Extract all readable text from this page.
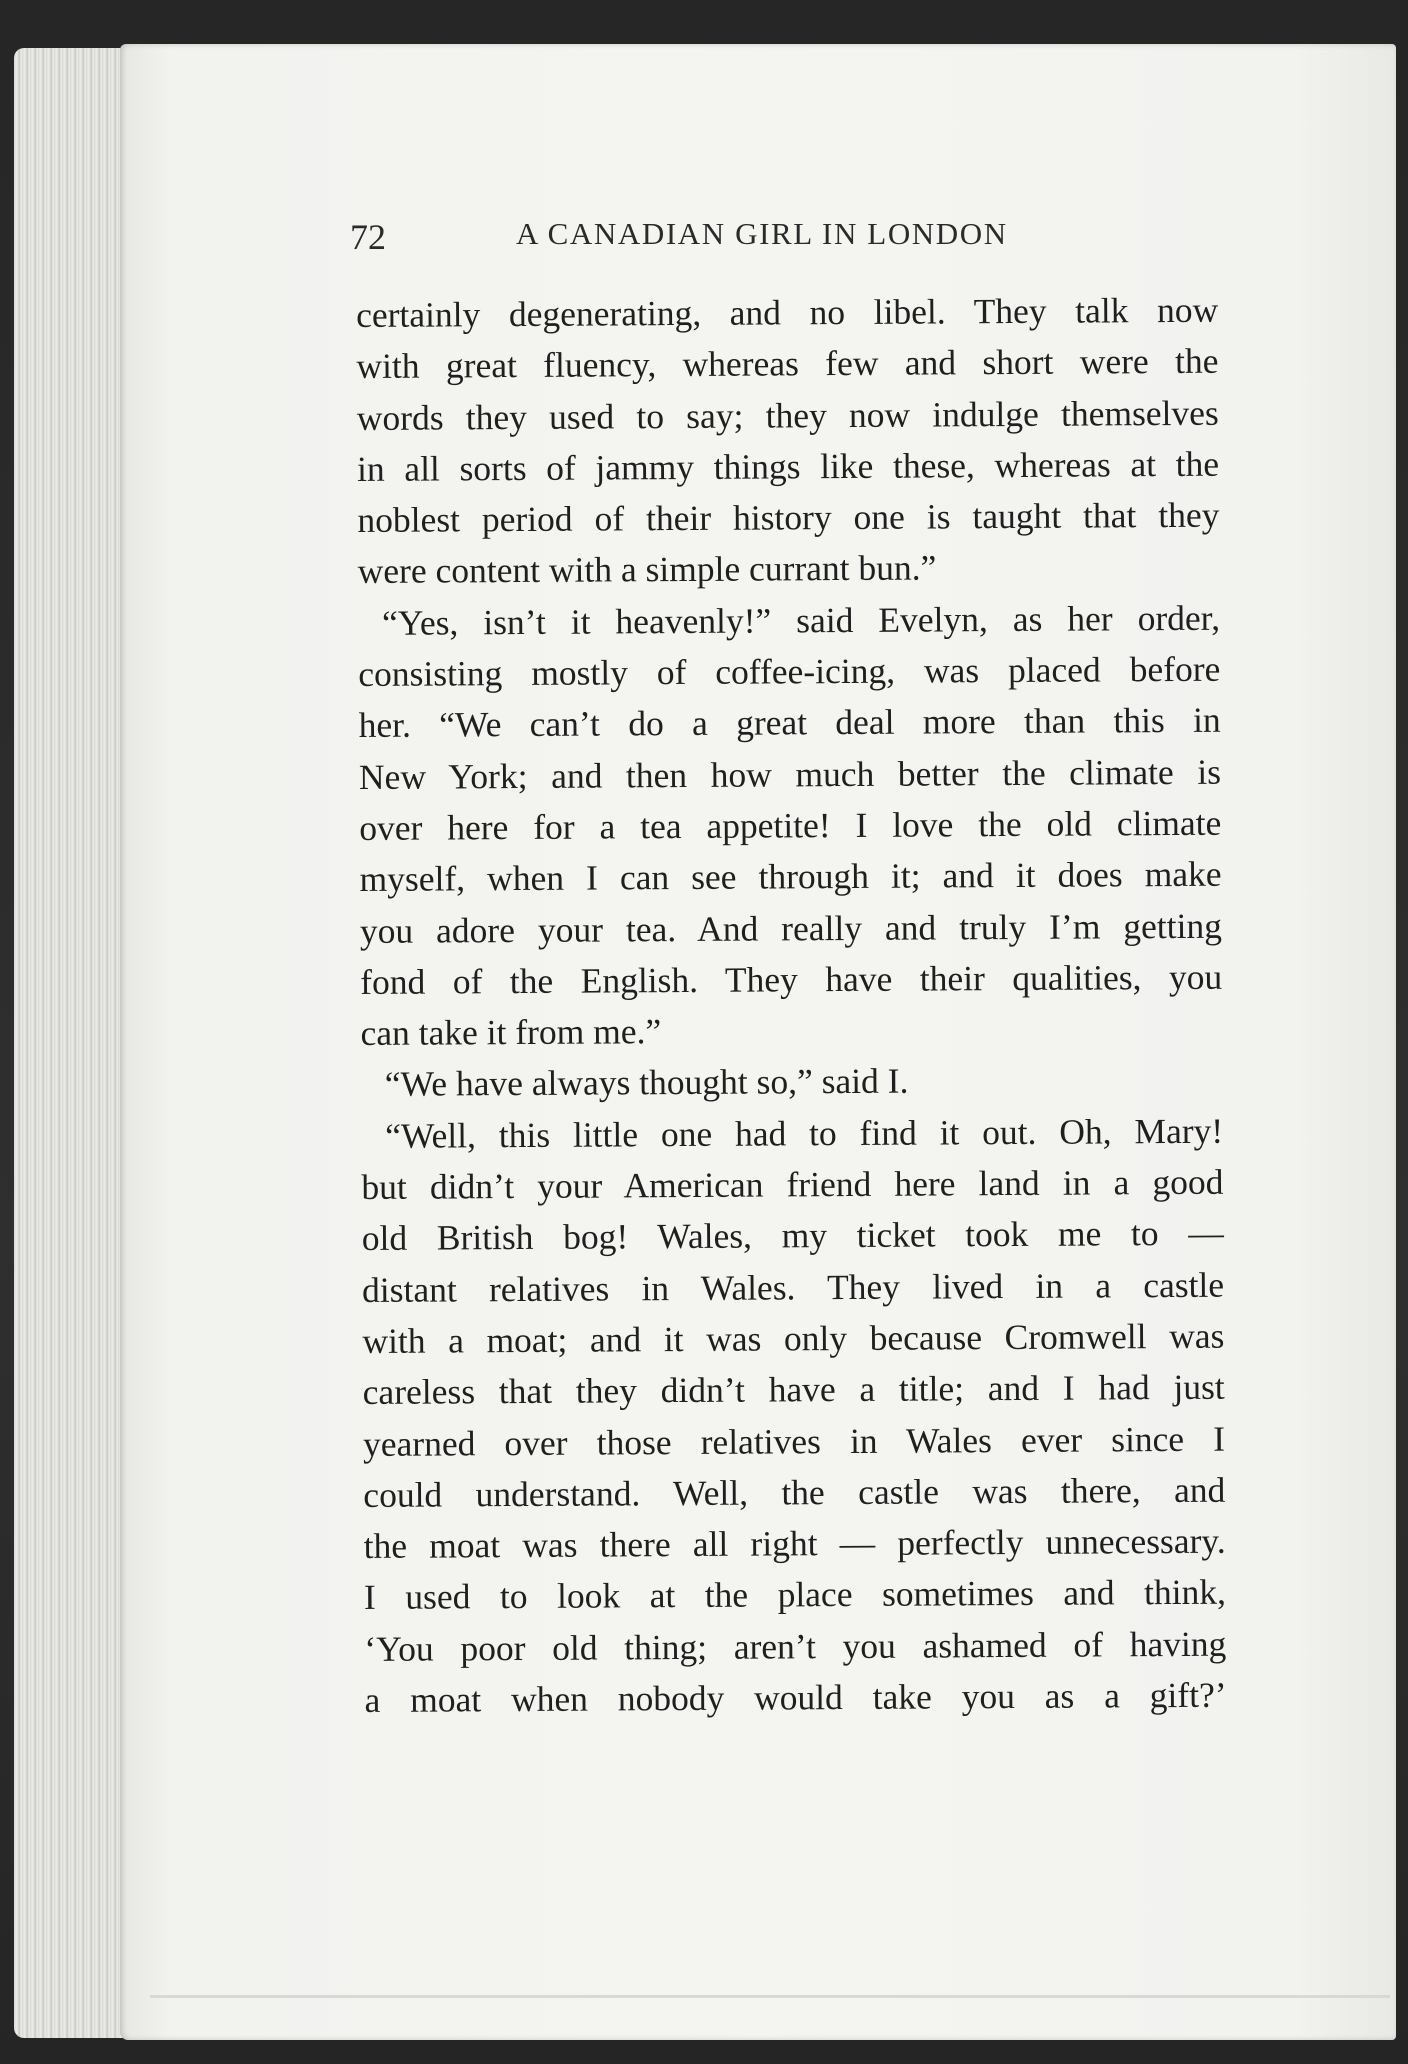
72	A CANADIAN GIRL IN LONDON
certainly degenerating, and no libel. They talk now
with great fluency, whereas few and short were the
words they used to say; they now indulge themselves
in all sorts of jammy things like these, whereas at the
noblest period of their history one is taught that they
were content with a simple currant bun.”
“Yes, isn’t it heavenly!” said Evelyn, as her order,
consisting mostly of coffee-icing, was placed before
her. “We can’t do a great deal more than this in
New York; and then how much better the climate is
over here for a tea appetite! I love the old climate
myself, when I can see through it; and it does make
you adore your tea. And really and truly I’m getting
fond of the English. They have their qualities, you
can take it from me.”
“We have always thought so,” said I.
“Well, this little one had to find it out. Oh, Mary!
but didn’t your American friend here land in a good
old British bog! Wales, my ticket took me to —
distant relatives in Wales. They lived in a castle
with a moat; and it was only because Cromwell was
careless that they didn’t have a title; and I had just
yearned over those relatives in Wales ever since I
could understand. Well, the castle was there, and
the moat was there all right — perfectly unnecessary.
I used to look at the place sometimes and think,
‘You poor old thing; aren’t you ashamed of having
a moat when nobody would take you as a gift?’
